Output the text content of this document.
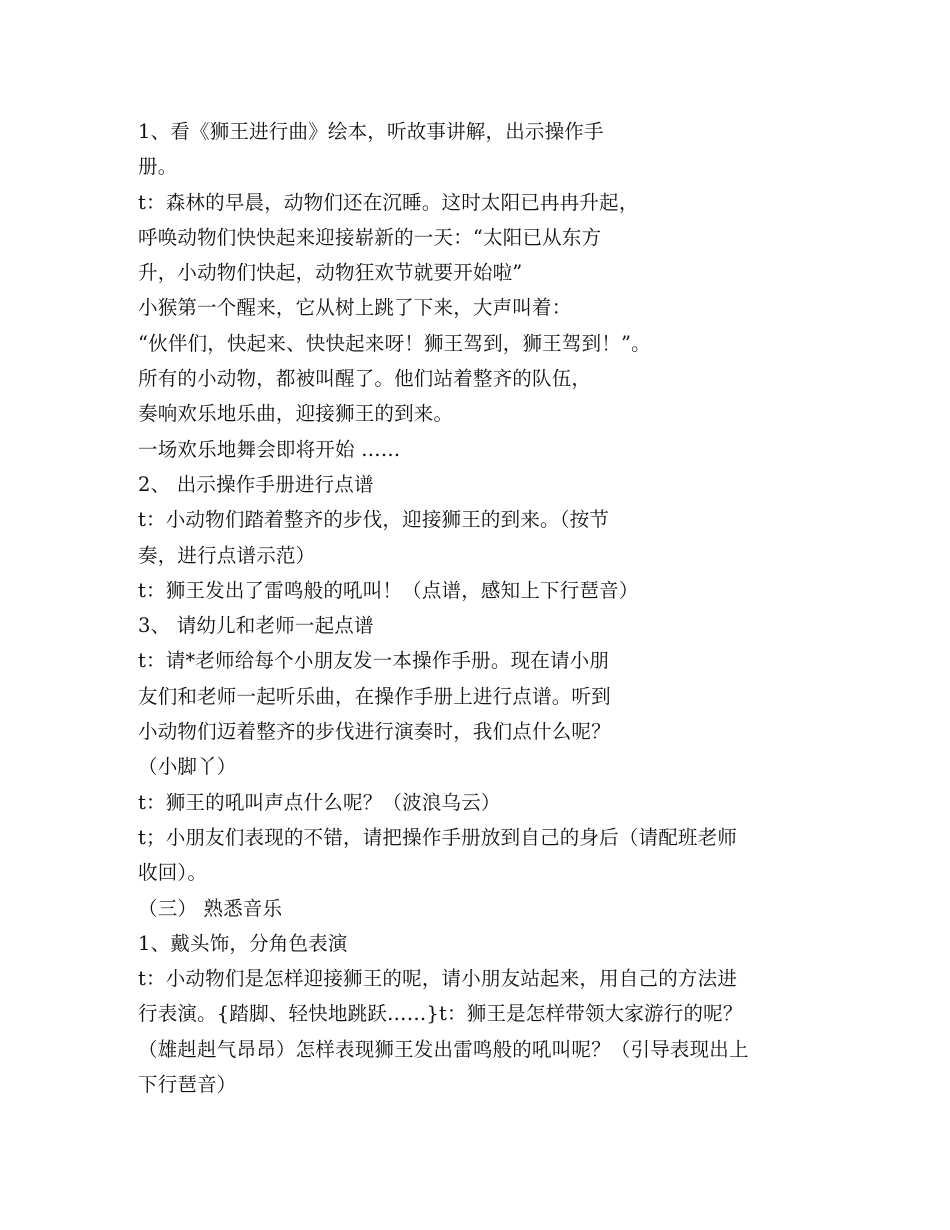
1、看《狮王进行曲》绘本，听故事讲解，出示操作手
册。
t：森林的早晨，动物们还在沉睡。这时太阳已冉冉升起，
呼唤动物们快快起来迎接崭新的一天：“太阳已从东方
升，小动物们快起，动物狂欢节就要开始啦”
小猴第一个醒来，它从树上跳了下来，大声叫着：
“伙伴们，快起来、快快起来呀！狮王驾到，狮王驾到！”。
所有的小动物，都被叫醒了。他们站着整齐的队伍，
奏响欢乐地乐曲，迎接狮王的到来。
一场欢乐地舞会即将开始 ……
2、 出示操作手册进行点谱
t：小动物们踏着整齐的步伐，迎接狮王的到来。（按节
奏，进行点谱示范）
t：狮王发出了雷鸣般的吼叫！（点谱，感知上下行琶音）
3、 请幼儿和老师一起点谱
t：请*老师给每个小朋友发一本操作手册。现在请小朋
友们和老师一起听乐曲，在操作手册上进行点谱。听到
小动物们迈着整齐的步伐进行演奏时，我们点什么呢？
（小脚丫）
t：狮王的吼叫声点什么呢？（波浪乌云）
t；小朋友们表现的不错，请把操作手册放到自己的身后（请配班老师
收回）。
（三） 熟悉音乐
1、戴头饰，分角色表演
t：小动物们是怎样迎接狮王的呢，请小朋友站起来，用自己的方法进
行表演。{踏脚、轻快地跳跃……}t：狮王是怎样带领大家游行的呢？
（雄赳赳气昂昂）怎样表现狮王发出雷鸣般的吼叫呢？（引导表现出上
下行琶音）
